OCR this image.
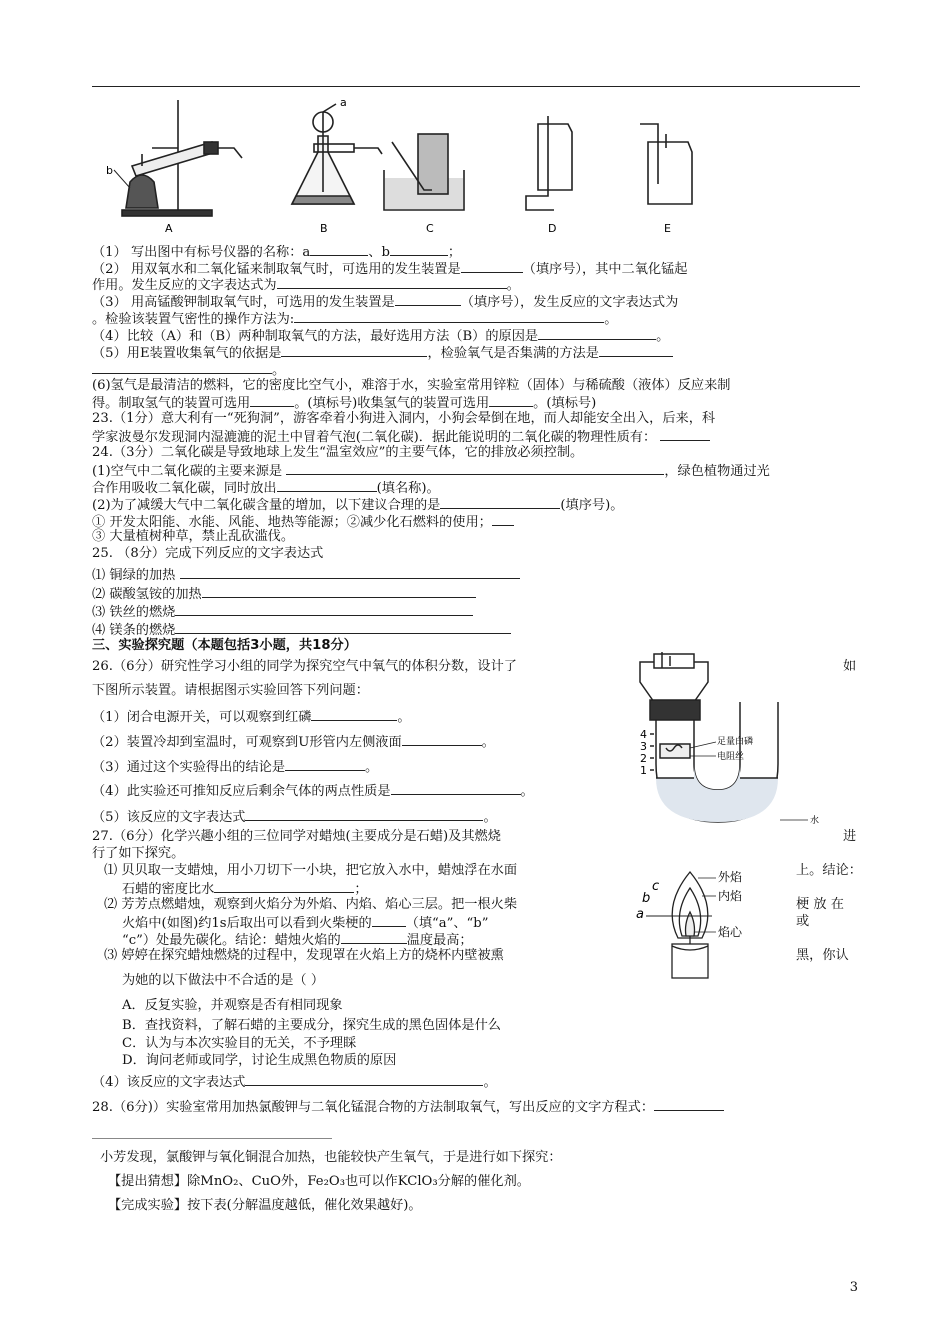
A	B	C	D	E
a
b
（1） 写出图中有标号仪器的名称：a	、b	；
（2） 用双氧水和二氧化锰来制取氧气时，可选用的发生装置是	（填序号），其中二氧化锰起
作用。发生反应的文字表达式为	。
（3） 用高锰酸钾制取氧气时，可选用的发生装置是	（填序号），发生反应的文字表达式为
。检验该装置气密性的操作方法为:	。
（4）比较（A）和（B）两种制取氧气的方法，最好选用方法（B）的原因是	。
（5）用E装置收集氧气的依据是	，检验氧气是否集满的方法是
。
(6)氢气是最清洁的燃料，它的密度比空气小，难溶于水，实验室常用锌粒（固体）与稀硫酸（液体）反应来制
得。制取氢气的装置可选用	。(填标号)收集氢气的装置可选用	。(填标号)
23.（1分）意大利有一“死狗洞”，游客牵着小狗进入洞内，小狗会晕倒在地，而人却能安全出入，后来，科
学家波曼尔发现洞内湿漉漉的泥土中冒着气泡(二氧化碳)．据此能说明的二氧化碳的物理性质有：
24.（3分）二氧化碳是导致地球上发生“温室效应”的主要气体，它的排放必须控制。
(1)空气中二氧化碳的主要来源是	，绿色植物通过光
合作用吸收二氧化碳，同时放出	(填名称)。
(2)为了减缓大气中二氧化碳含量的增加，以下建议合理的是	(填序号)。
① 开发太阳能、水能、风能、地热等能源；②减少化石燃料的使用；
③ 大量植树种草，禁止乱砍滥伐。
25. （8分）完成下列反应的文字表达式
⑴ 铜绿的加热
⑵ 碳酸氢铵的加热
⑶ 铁丝的燃烧
⑷ 镁条的燃烧
三、实验探究题（本题包括3小题，共18分）
26.（6分）研究性学习小组的同学为探究空气中氧气的体积分数，设计了	如
下图所示装置。请根据图示实验回答下列问题：
（1）闭合电源开关，可以观察到红磷	。
（2）装置冷却到室温时，可观察到U形管内左侧液面	。
（3）通过这个实验得出的结论是	。
（4）此实验还可推知反应后剩余气体的两点性质是	。
（5）该反应的文字表达式	。
足量白磷
电阻丝
水
4
3
2
1
27.（6分）化学兴趣小组的三位同学对蜡烛(主要成分是石蜡)及其燃烧	进
行了如下探究。
⑴ 贝贝取一支蜡烛，用小刀切下一小块，把它放入水中，蜡烛浮在水面	上。结论：
石蜡的密度比水	；
⑵ 芳芳点燃蜡烛，观察到火焰分为外焰、内焰、焰心三层。把一根火柴	梗 放 在
火焰中(如图)约1s后取出可以看到火柴梗的	（填“a”、“b”	或
“c”）处最先碳化。结论：蜡烛火焰的	温度最高；
⑶ 婷婷在探究蜡烛燃烧的过程中，发现罩在火焰上方的烧杯内壁被熏	黑，你认
为她的以下做法中不合适的是（ ）
A．反复实验，并观察是否有相同现象
B．查找资料，了解石蜡的主要成分，探究生成的黑色固体是什么
C．认为与本次实验目的无关，不予理睬
D．询问老师或同学，讨论生成黑色物质的原因
（4）该反应的文字表达式	。
外焰
内焰
焰心
a
b
c
28.（6分)）实验室常用加热氯酸钾与二氧化锰混合物的方法制取氧气，写出反应的文字方程式：
小芳发现，氯酸钾与氧化铜混合加热，也能较快产生氧气，于是进行如下探究：
【提出猜想】除MnO₂、CuO外，Fe₂O₃也可以作KClO₃分解的催化剂。
【完成实验】按下表(分解温度越低，催化效果越好)。
3
